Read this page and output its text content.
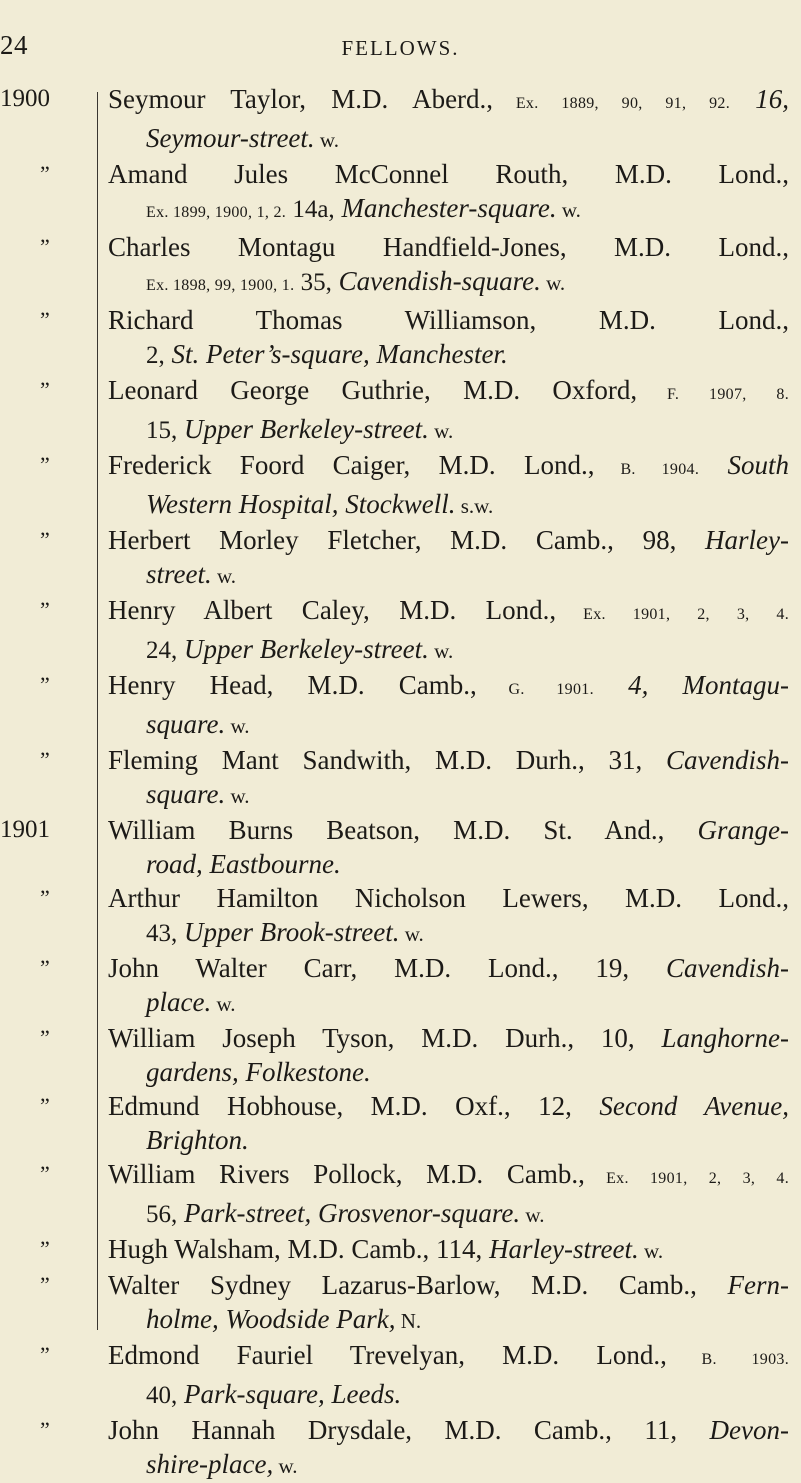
24	FELLOWS.
1900	Seymour Taylor, M.D. Aberd., Ex. 1889, 90, 91, 92. 16,
Seymour-street. w.
”	Amand Jules McConnel Routh, M.D. Lond.,
Ex. 1899, 1900, 1, 2. 14a, Manchester-square. w.
”	Charles Montagu Handfield-Jones, M.D. Lond.,
Ex. 1898, 99, 1900, 1. 35, Cavendish-square. w.
”	Richard Thomas Williamson, M.D. Lond.,
2, St. Peter’s-square, Manchester.
”	Leonard George Guthrie, M.D. Oxford, F. 1907, 8.
15, Upper Berkeley-street. w.
”	Frederick Foord Caiger, M.D. Lond., B. 1904. South
Western Hospital, Stockwell. s.w.
”	Herbert Morley Fletcher, M.D. Camb., 98, Harley-
street. w.
”	Henry Albert Caley, M.D. Lond., Ex. 1901, 2, 3, 4.
24, Upper Berkeley-street. w.
”	Henry Head, M.D. Camb., G. 1901. 4, Montagu-
square. w.
”	Fleming Mant Sandwith, M.D. Durh., 31, Cavendish-
square. w.
1901	William Burns Beatson, M.D. St. And., Grange-
road, Eastbourne.
”	Arthur Hamilton Nicholson Lewers, M.D. Lond.,
43, Upper Brook-street. w.
”	John Walter Carr, M.D. Lond., 19, Cavendish-
place. w.
”	William Joseph Tyson, M.D. Durh., 10, Langhorne-
gardens, Folkestone.
”	Edmund Hobhouse, M.D. Oxf., 12, Second Avenue,
Brighton.
”	William Rivers Pollock, M.D. Camb., Ex. 1901, 2, 3, 4.
56, Park-street, Grosvenor-square. w.
”	Hugh Walsham, M.D. Camb., 114, Harley-street. w.
”	Walter Sydney Lazarus-Barlow, M.D. Camb., Fern-
holme, Woodside Park, N.
”	Edmond Fauriel Trevelyan, M.D. Lond., B. 1903.
40, Park-square, Leeds.
”	John Hannah Drysdale, M.D. Camb., 11, Devon-
shire-place, w.
